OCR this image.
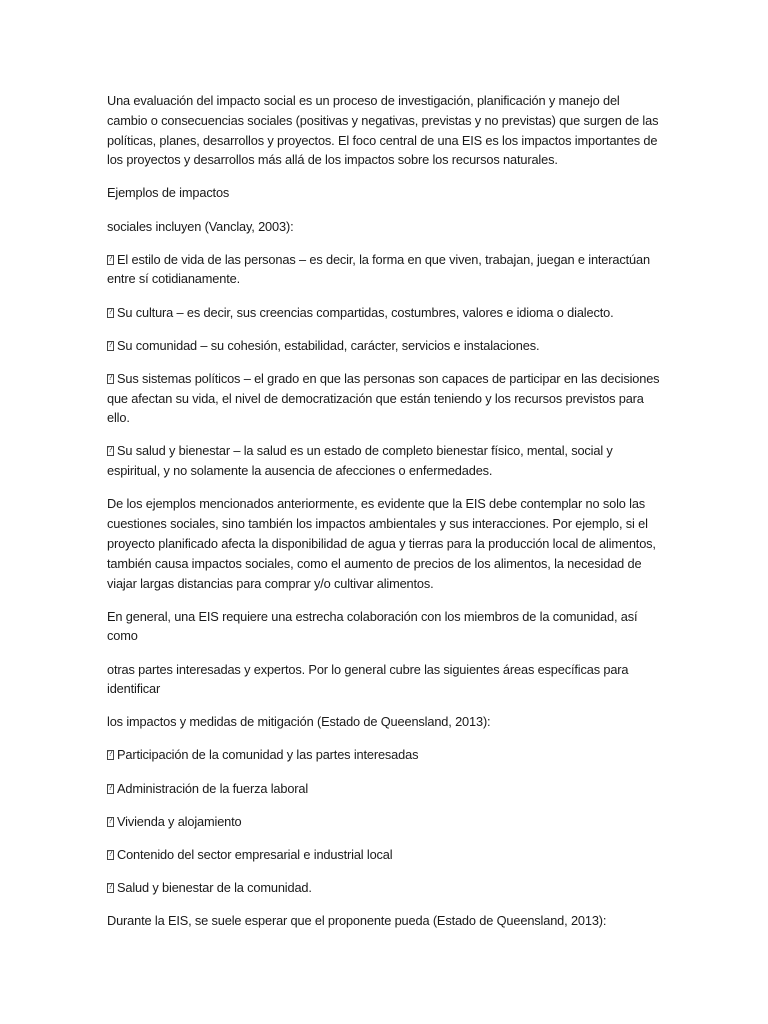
Una evaluación del impacto social es un proceso de investigación, planificación y manejo del cambio o consecuencias sociales (positivas y negativas, previstas y no previstas) que surgen de las políticas, planes, desarrollos y proyectos. El foco central de una EIS es los impactos importantes de los proyectos y desarrollos más allá de los impactos sobre los recursos naturales.

Ejemplos de impactos

sociales incluyen (Vanclay, 2003):

?El estilo de vida de las personas – es decir, la forma en que viven, trabajan, juegan e interactúan entre sí cotidianamente.

?Su cultura – es decir, sus creencias compartidas, costumbres, valores e idioma o dialecto.

?Su comunidad – su cohesión, estabilidad, carácter, servicios e instalaciones.

?Sus sistemas políticos – el grado en que las personas son capaces de participar en las decisiones que afectan su vida, el nivel de democratización que están teniendo y los recursos previstos para ello.

?Su salud y bienestar – la salud es un estado de completo bienestar físico, mental, social y espiritual, y no solamente la ausencia de afecciones o enfermedades.

De los ejemplos mencionados anteriormente, es evidente que la EIS debe contemplar no solo las cuestiones sociales, sino también los impactos ambientales y sus interacciones. Por ejemplo, si el proyecto planificado afecta la disponibilidad de agua y tierras para la producción local de alimentos, también causa impactos sociales, como el aumento de precios de los alimentos, la necesidad de viajar largas distancias para comprar y/o cultivar alimentos.

En general, una EIS requiere una estrecha colaboración con los miembros de la comunidad, así como

otras partes interesadas y expertos. Por lo general cubre las siguientes áreas específicas para identificar

los impactos y medidas de mitigación (Estado de Queensland, 2013):

?Participación de la comunidad y las partes interesadas

?Administración de la fuerza laboral

?Vivienda y alojamiento

?Contenido del sector empresarial e industrial local

?Salud y bienestar de la comunidad.

Durante la EIS, se suele esperar que el proponente pueda (Estado de Queensland, 2013):
